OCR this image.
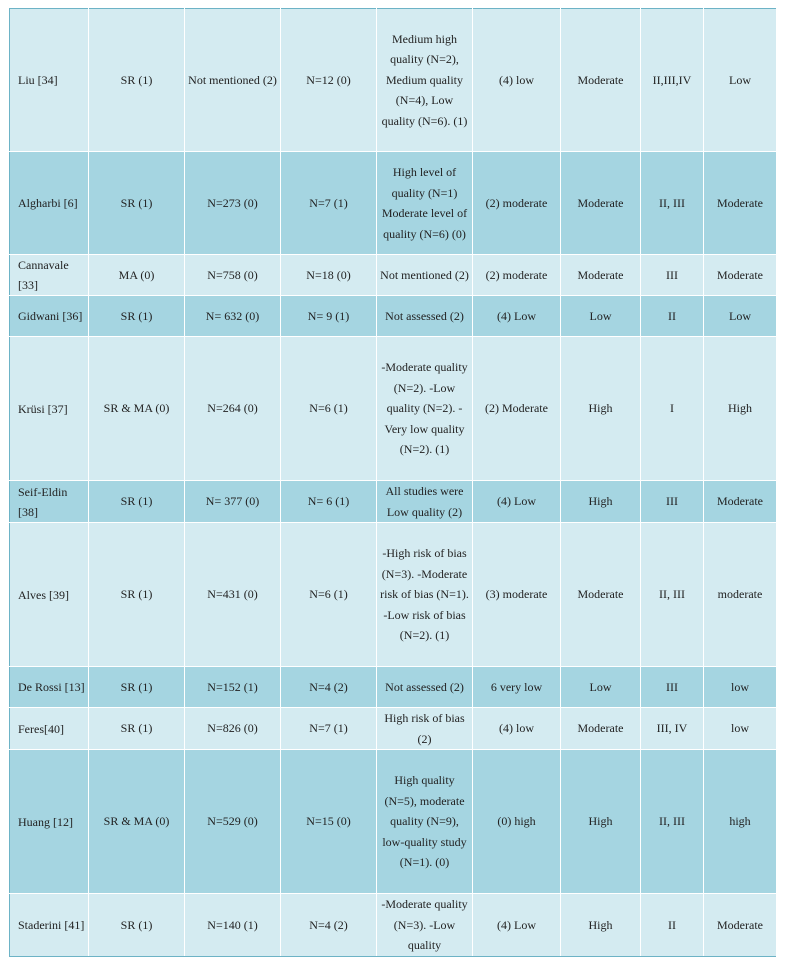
Liu [34]	SR (1)	Not mentioned (2)	N=12 (0)	Medium high quality (N=2), Medium quality (N=4), Low quality (N=6). (1)	(4) low	Moderate	II,III,IV	Low
Algharbi [6]	SR (1)	N=273 (0)	N=7 (1)	High level of quality (N=1) Moderate level of quality (N=6) (0)	(2) moderate	Moderate	II, III	Moderate
Cannavale [33]	MA (0)	N=758 (0)	N=18 (0)	Not mentioned (2)	(2) moderate	Moderate	III	Moderate
Gidwani [36]	SR (1)	N= 632 (0)	N= 9 (1)	Not assessed (2)	(4) Low	Low	II	Low
Krüsi [37]	SR & MA (0)	N=264 (0)	N=6 (1)	-Moderate quality (N=2). -Low quality (N=2). -Very low quality (N=2). (1)	(2) Moderate	High	I	High
Seif-Eldin [38]	SR (1)	N= 377 (0)	N= 6 (1)	All studies were Low quality (2)	(4) Low	High	III	Moderate
Alves [39]	SR (1)	N=431 (0)	N=6 (1)	-High risk of bias (N=3). -Moderate risk of bias (N=1). -Low risk of bias (N=2). (1)	(3) moderate	Moderate	II, III	moderate
De Rossi [13]	SR (1)	N=152 (1)	N=4 (2)	Not assessed (2)	6 very low	Low	III	low
Feres[40]	SR (1)	N=826 (0)	N=7 (1)	High risk of bias (2)	(4) low	Moderate	III, IV	low
Huang [12]	SR & MA (0)	N=529 (0)	N=15 (0)	High quality (N=5), moderate quality (N=9), low-quality study (N=1). (0)	(0) high	High	II, III	high
Staderini [41]	SR (1)	N=140 (1)	N=4 (2)	-Moderate quality (N=3). -Low quality	(4) Low	High	II	Moderate
